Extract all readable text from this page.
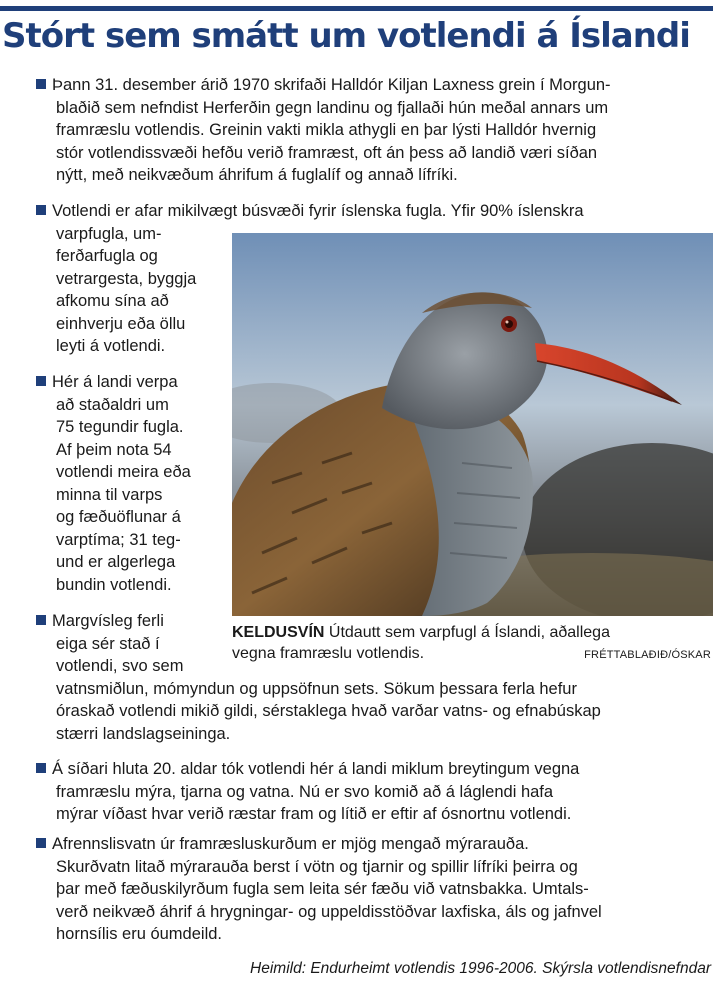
Stórt sem smátt um votlendi á Íslandi
Þann 31. desember árið 1970 skrifaði Halldór Kiljan Laxness grein í Morgun-
blaðið sem nefndist Herferðin gegn landinu og fjallaði hún meðal annars um
framræslu votlendis. Greinin vakti mikla athygli en þar lýsti Halldór hvernig
stór votlendissvæði hefðu verið framræst, oft án þess að landið væri síðan
nýtt, með neikvæðum áhrifum á fuglalíf og annað lífríki.
Votlendi er afar mikilvægt búsvæði fyrir íslenska fugla. Yfir 90% íslenskra
varpfugla, um-
ferðarfugla og
vetrargesta, byggja
afkomu sína að
einhverju eða öllu
leyti á votlendi.
Hér á landi verpa
að staðaldri um
75 tegundir fugla.
Af þeim nota 54
votlendi meira eða
minna til varps
og fæðuöflunar á
varptíma; 31 teg-
und er algerlega
bundin votlendi.
Margvísleg ferli
eiga sér stað í
votlendi, svo sem
vatnsmiðlun, mómyndun og uppsöfnun sets. Sökum þessara ferla hefur
óraskað votlendi mikið gildi, sérstaklega hvað varðar vatns- og efnabúskap
stærri landslagseininga.
Á síðari hluta 20. aldar tók votlendi hér á landi miklum breytingum vegna
framræslu mýra, tjarna og vatna. Nú er svo komið að á láglendi hafa
mýrar víðast hvar verið ræstar fram og lítið er eftir af ósnortnu votlendi.
Afrennslisvatn úr framræsluskurðum er mjög mengað mýrarauða.
Skurðvatn litað mýrarauða berst í vötn og tjarnir og spillir lífríki þeirra og
þar með fæðuskilyrðum fugla sem leita sér fæðu við vatnsbakka. Umtals-
verð neikvæð áhrif á hrygningar- og uppeldisstöðvar laxfiska, áls og jafnvel
hornsílis eru óumdeild.
KELDUSVÍN Útdautt sem varpfugl á Íslandi, aðallega
vegna framræslu votlendis.	FRÉTTABLAÐIÐ/ÓSKAR
Heimild: Endurheimt votlendis 1996-2006. Skýrsla votlendisnefndar
